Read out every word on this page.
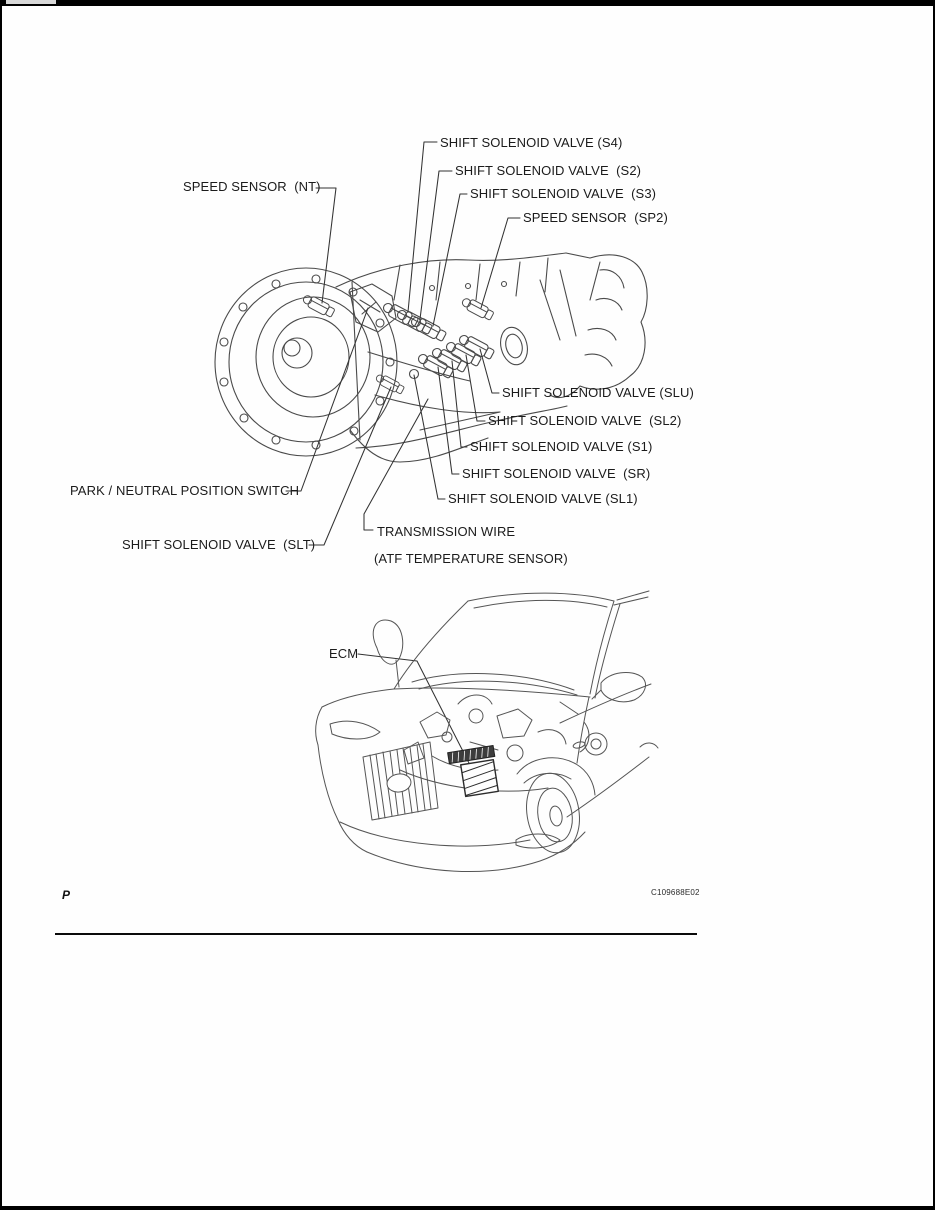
SHIFT SOLENOID VALVE (S4)
SHIFT SOLENOID VALVE  (S2)
SHIFT SOLENOID VALVE  (S3)
SPEED SENSOR  (SP2)
SPEED SENSOR  (NT)
SHIFT SOLENOID VALVE (SLU)
SHIFT SOLENOID VALVE  (SL2)
SHIFT SOLENOID VALVE (S1)
SHIFT SOLENOID VALVE  (SR)
SHIFT SOLENOID VALVE (SL1)
PARK / NEUTRAL POSITION SWITCH
SHIFT SOLENOID VALVE  (SLT)
TRANSMISSION WIRE
(ATF TEMPERATURE SENSOR)
ECM
P	C109688E02
